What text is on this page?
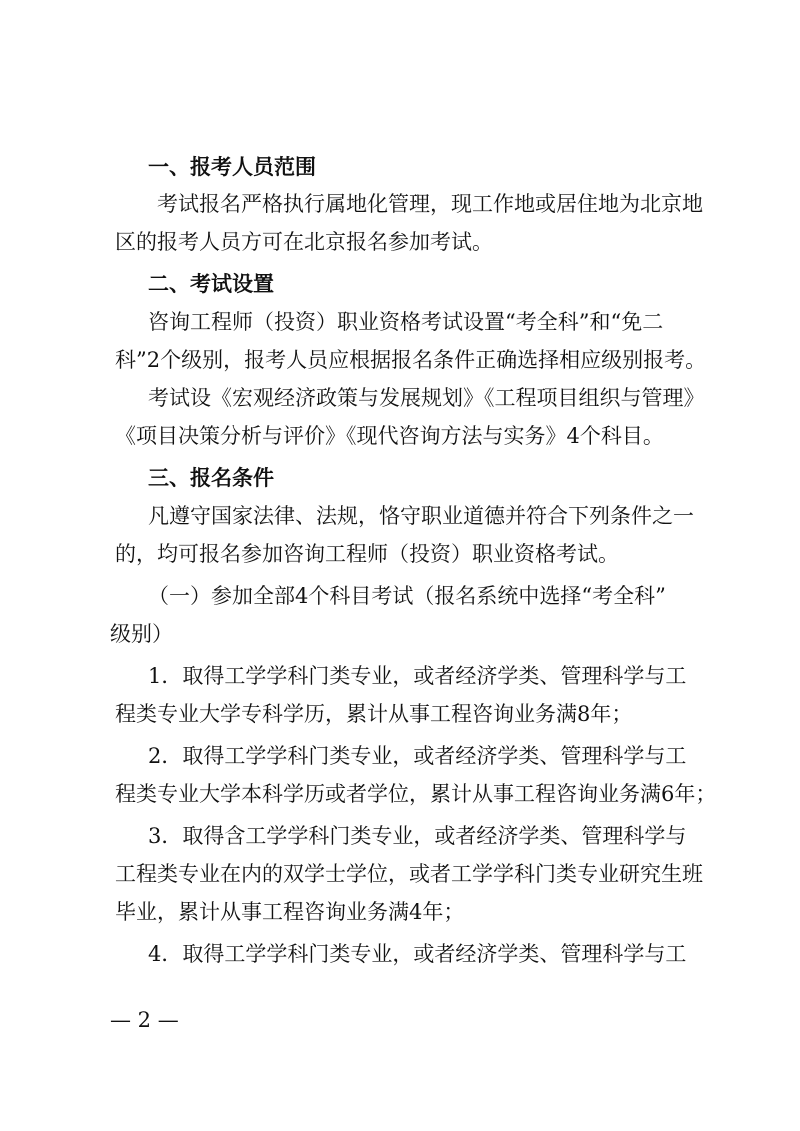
一、报考人员范围
考试报名严格执行属地化管理，现工作地或居住地为北京地
区的报考人员方可在北京报名参加考试。
二、考试设置
咨询工程师（投资）职业资格考试设置“考全科”和“免二
科”2个级别，报考人员应根据报名条件正确选择相应级别报考。
考试设《宏观经济政策与发展规划》《工程项目组织与管理》
《项目决策分析与评价》《现代咨询方法与实务》4个科目。
三、报名条件
凡遵守国家法律、法规，恪守职业道德并符合下列条件之一
的，均可报名参加咨询工程师（投资）职业资格考试。
（一）参加全部4个科目考试（报名系统中选择“考全科”
级别）
1．取得工学学科门类专业，或者经济学类、管理科学与工
程类专业大学专科学历，累计从事工程咨询业务满8年；
2．取得工学学科门类专业，或者经济学类、管理科学与工
程类专业大学本科学历或者学位，累计从事工程咨询业务满6年；
3．取得含工学学科门类专业，或者经济学类、管理科学与
工程类专业在内的双学士学位，或者工学学科门类专业研究生班
毕业，累计从事工程咨询业务满4年；
4．取得工学学科门类专业，或者经济学类、管理科学与工
— 2 —
